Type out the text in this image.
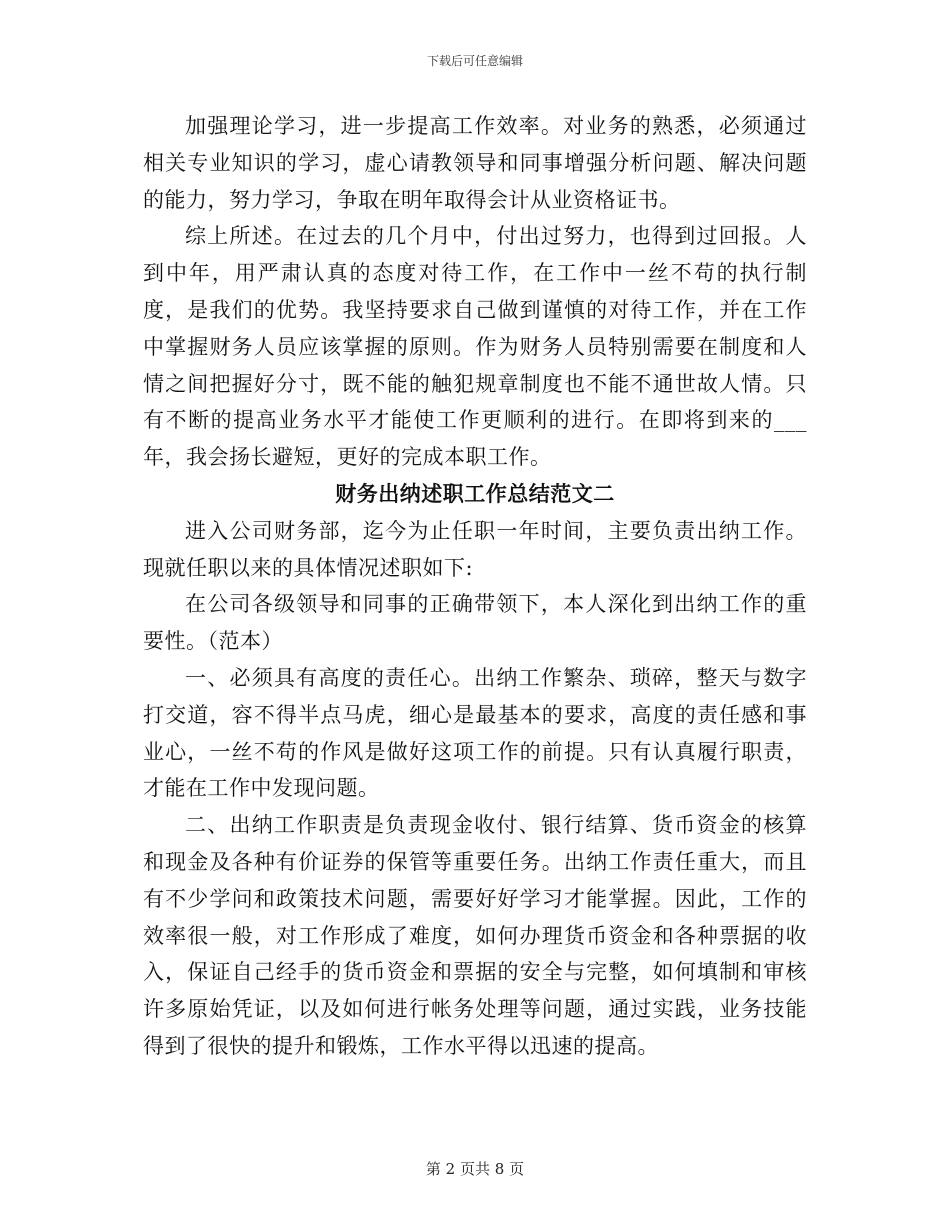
下载后可任意编辑

加强理论学习，进一步提高工作效率。对业务的熟悉，必须通过相关专业知识的学习，虚心请教领导和同事增强分析问题、解决问题的能力，努力学习，争取在明年取得会计从业资格证书。

综上所述。在过去的几个月中，付出过努力，也得到过回报。人到中年，用严肃认真的态度对待工作，在工作中一丝不苟的执行制度，是我们的优势。我坚持要求自己做到谨慎的对待工作，并在工作中掌握财务人员应该掌握的原则。作为财务人员特别需要在制度和人情之间把握好分寸，既不能的触犯规章制度也不能不通世故人情。只有不断的提高业务水平才能使工作更顺利的进行。在即将到来的___年，我会扬长避短，更好的完成本职工作。

财务出纳述职工作总结范文二

进入公司财务部，迄今为止任职一年时间，主要负责出纳工作。现就任职以来的具体情况述职如下:

在公司各级领导和同事的正确带领下，本人深化到出纳工作的重要性。（范本）

一、必须具有高度的责任心。出纳工作繁杂、琐碎，整天与数字打交道，容不得半点马虎，细心是最基本的要求，高度的责任感和事业心，一丝不苟的作风是做好这项工作的前提。只有认真履行职责，才能在工作中发现问题。

二、出纳工作职责是负责现金收付、银行结算、货币资金的核算和现金及各种有价证券的保管等重要任务。出纳工作责任重大，而且有不少学问和政策技术问题，需要好好学习才能掌握。因此，工作的效率很一般，对工作形成了难度，如何办理货币资金和各种票据的收入，保证自己经手的货币资金和票据的安全与完整，如何填制和审核许多原始凭证，以及如何进行帐务处理等问题，通过实践，业务技能得到了很快的提升和锻炼，工作水平得以迅速的提高。

第 2 页共 8 页
